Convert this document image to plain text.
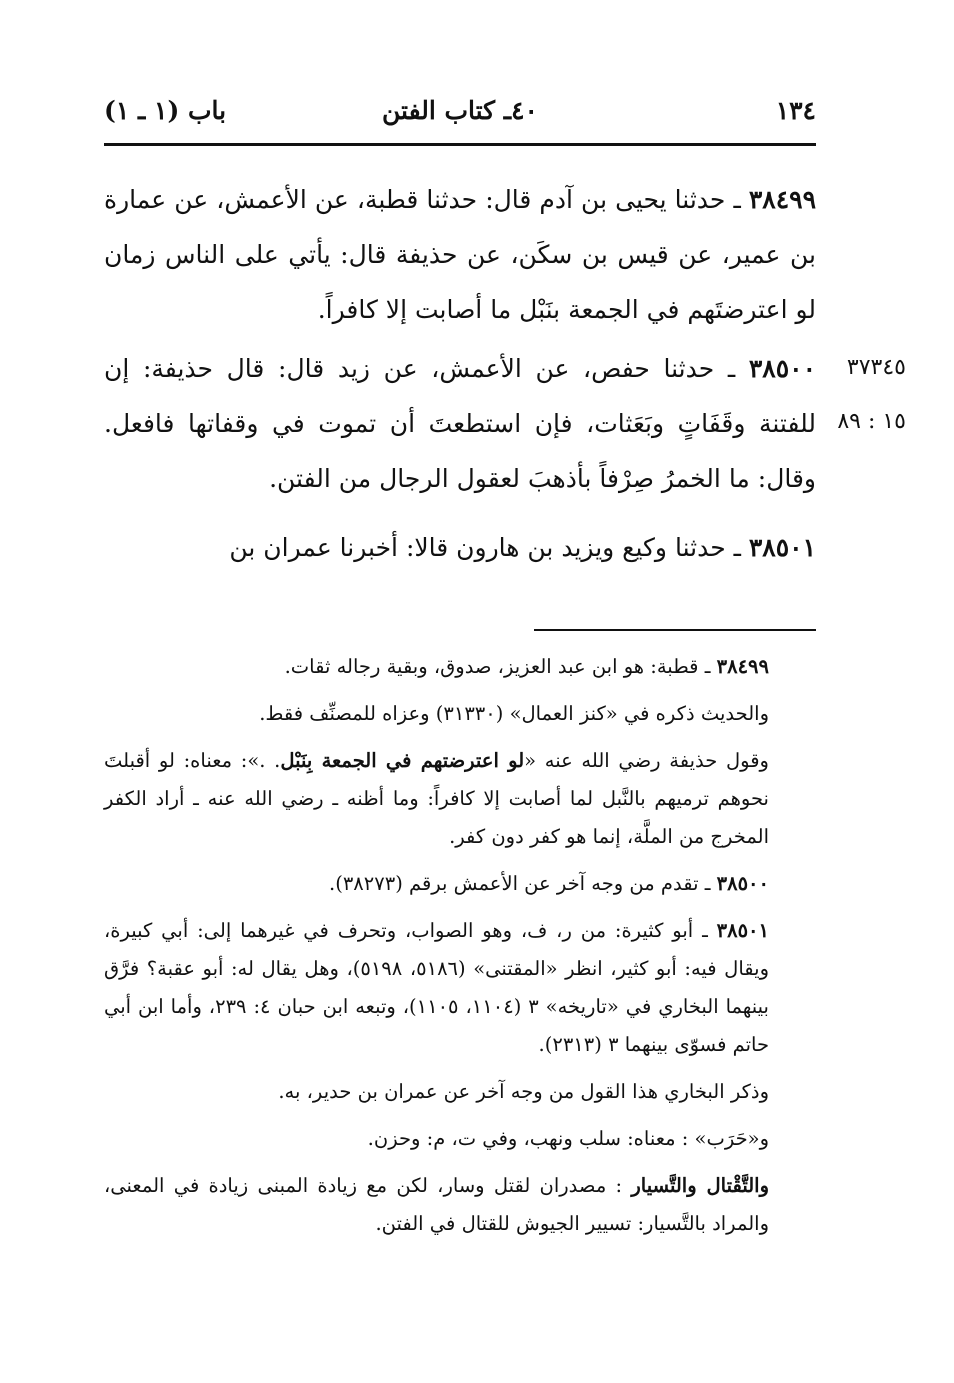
١٣٤
٤٠ـ كتاب الفتن
باب (١ ـ ١)

٣٨٤٩٩ ـ حدثنا يحيى بن آدم قال: حدثنا قطبة، عن الأعمش، عن عمارة بن عمير، عن قيس بن سكَن، عن حذيفة قال: يأتي على الناس زمان لو اعترضتَهم في الجمعة بنَبْل ما أصابت إلا كافراً.

٣٨٥٠٠ ـ حدثنا حفص، عن الأعمش، عن زيد قال: قال حذيفة: إن للفتنة وقَفَاتٍ وبَعَثات، فإن استطعتَ أن تموت في وقفاتها فافعل. وقال: ما الخمرُ صِرْفاً بأذهبَ لعقول الرجال من الفتن.

٣٧٣٤٥
١٥ : ٨٩

٣٨٥٠١ ـ حدثنا وكيع ويزيد بن هارون قالا: أخبرنا عمران بن

٣٨٤٩٩ ـ قطبة: هو ابن عبد العزيز، صدوق، وبقية رجاله ثقات.

والحديث ذكره في «كنز العمال» (٣١٣٣٠) وعزاه للمصنِّف فقط.

وقول حذيفة رضي الله عنه «لو اعترضتهم في الجمعة بِنَبْل. .»: معناه: لو أقبلتَ نحوهم ترميهم بالنَّبل لما أصابت إلا كافراً: وما أظنه ـ رضي الله عنه ـ أراد الكفر المخرج من الملَّة، إنما هو كفر دون كفر.

٣٨٥٠٠ ـ تقدم من وجه آخر عن الأعمش برقم (٣٨٢٧٣).

٣٨٥٠١ ـ أبو كثيرة: من ر، ف، وهو الصواب، وتحرف في غيرهما إلى: أبي كبيرة، ويقال فيه: أبو كثير، انظر «المقتنى» (٥١٨٦، ٥١٩٨)، وهل يقال له: أبو عقبة؟ فرَّق بينهما البخاري في «تاريخه» ٣ (١١٠٤، ١١٠٥)، وتبعه ابن حبان ٤: ٢٣٩، وأما ابن أبي حاتم فسوّى بينهما ٣ (٢٣١٣).

وذكر البخاري هذا القول من وجه آخر عن عمران بن حدير، به.

و«حَرَب» : معناه: سلب ونهب، وفي ت، م: وحزن.

والتَّقْتال والتَّسيار : مصدران لقتل وسار، لكن مع زيادة المبنى زيادة في المعنى، والمراد بالتَّسيار: تسيير الجيوش للقتال في الفتن.
